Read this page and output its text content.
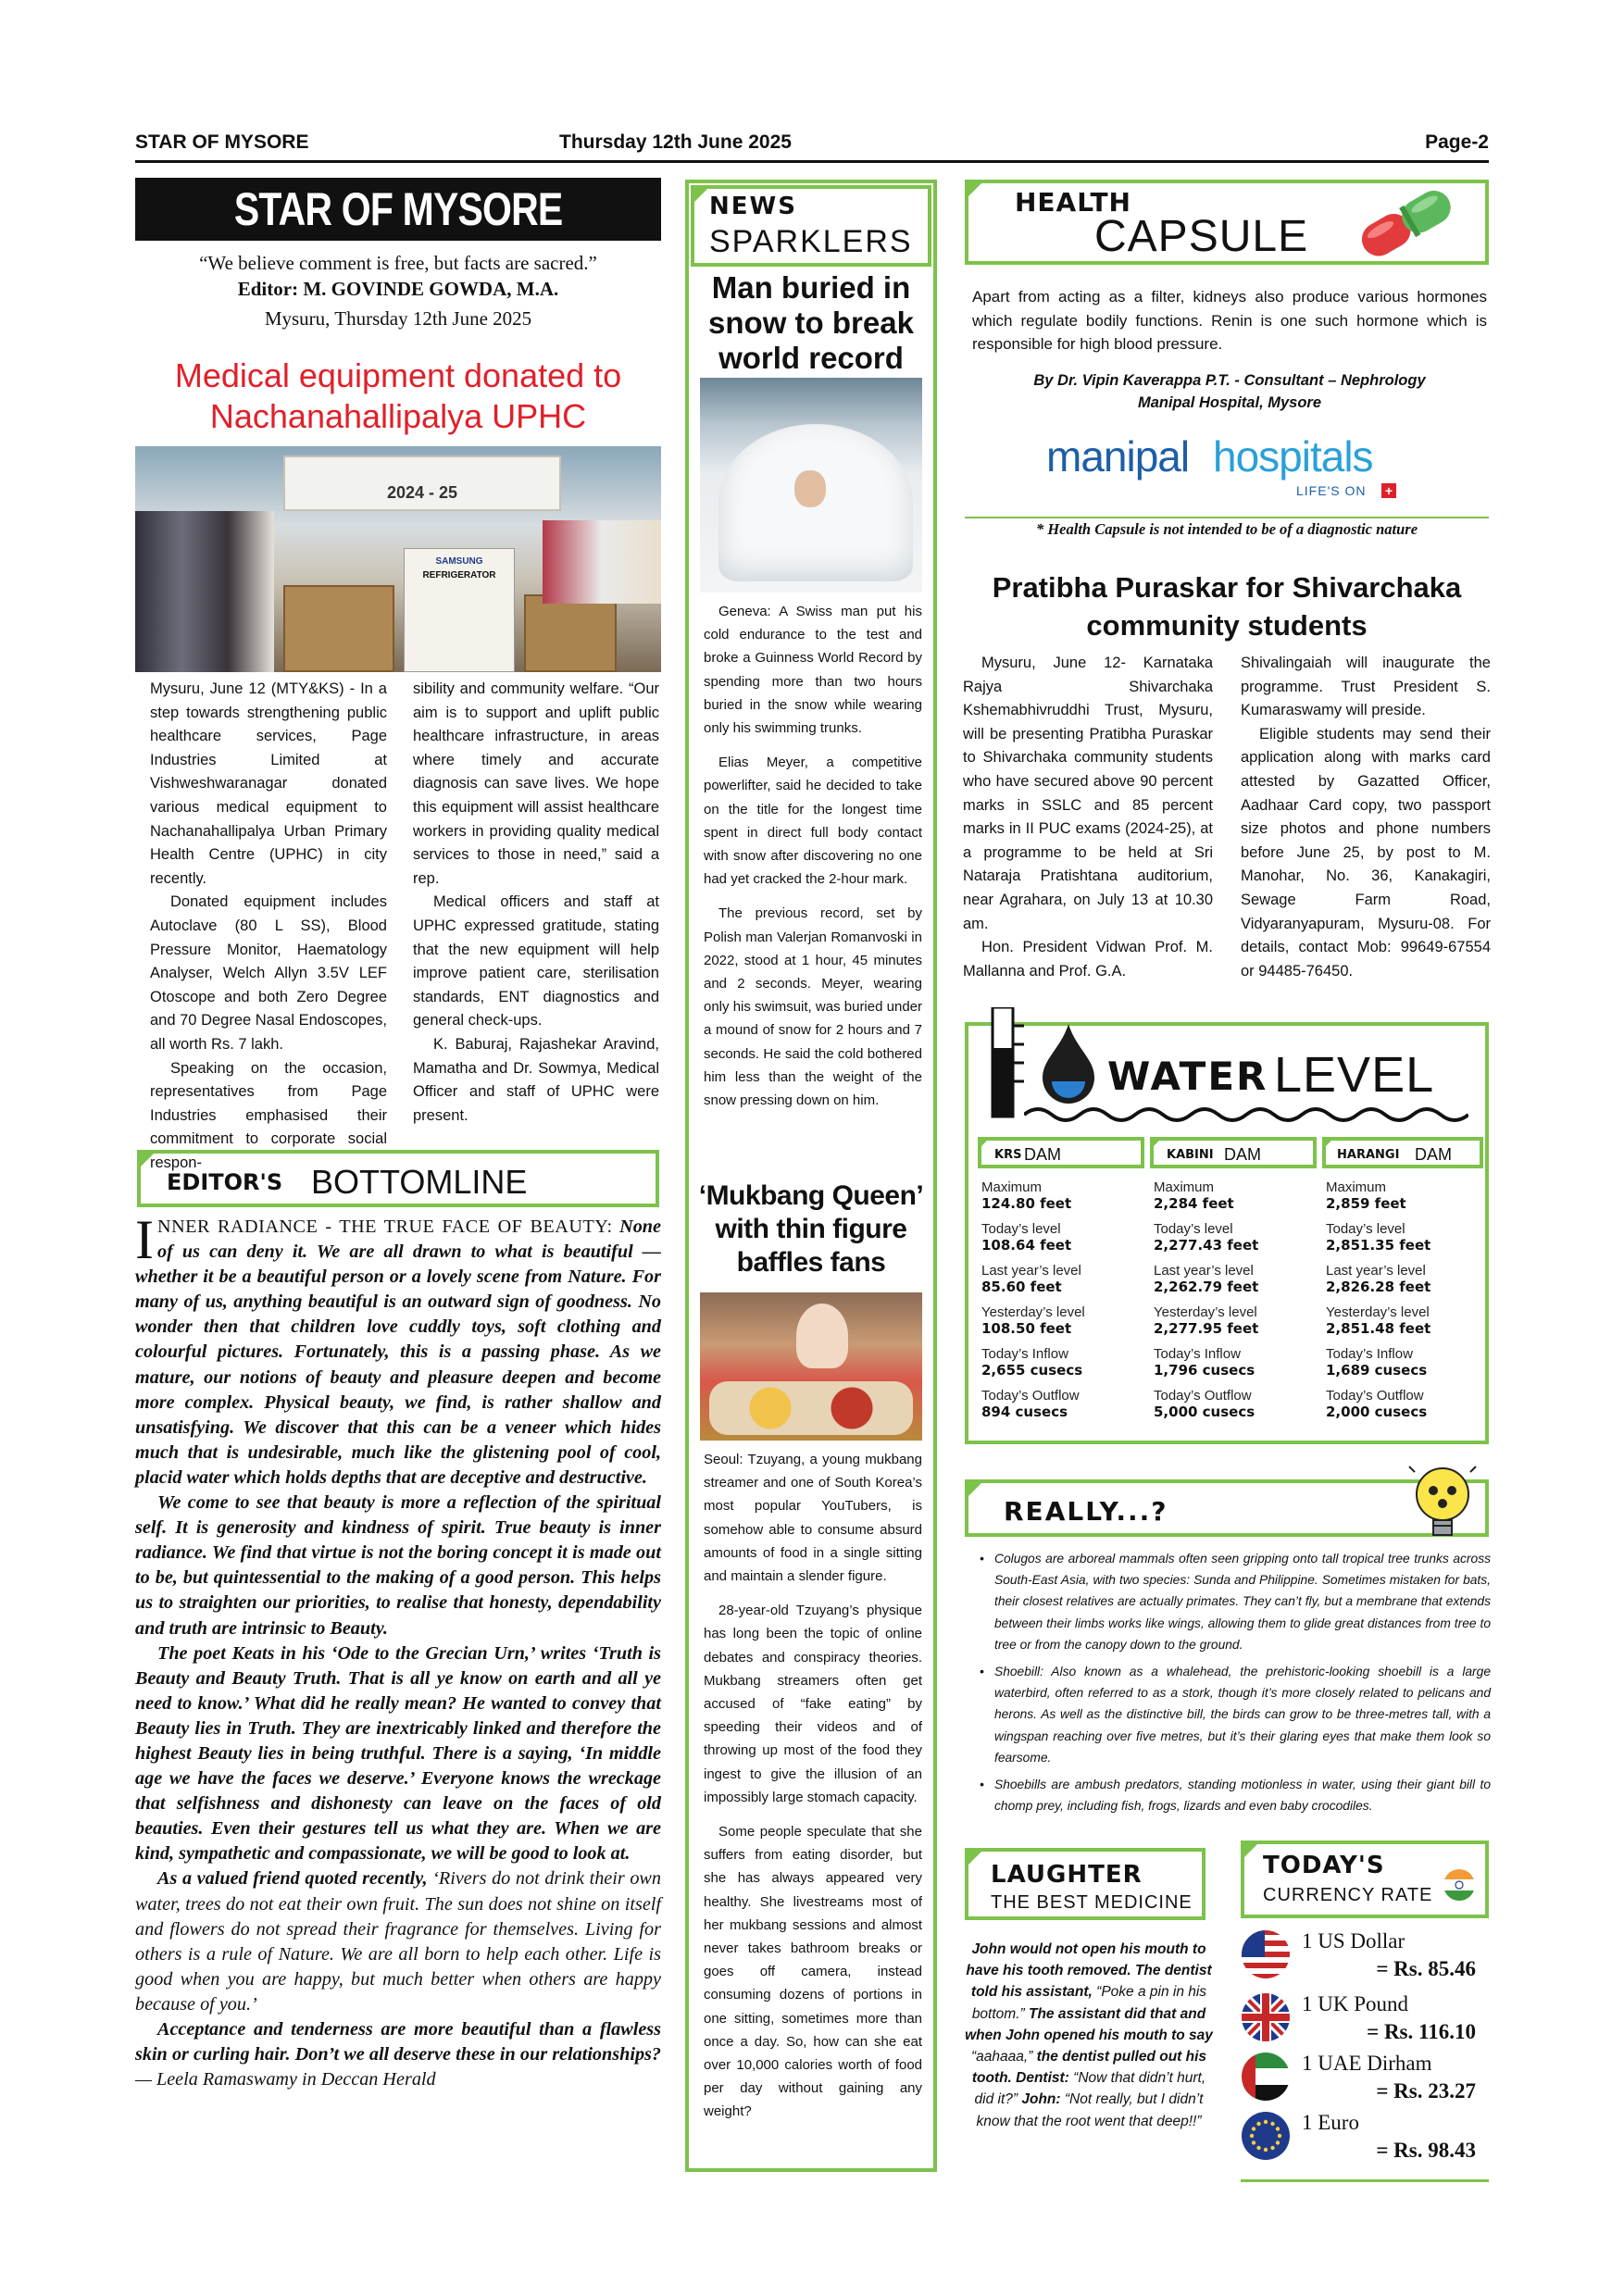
STAR OF MYSORE	Thursday 12th June 2025	Page-2
STAR OF MYSORE
“We believe comment is free, but facts are sacred.”
Editor: M. GOVINDE GOWDA, M.A.
Mysuru, Thursday 12th June 2025
Medical equipment donated to
Nachanahallipalya UPHC
2024 - 25
SAMSUNG
REFRIGERATOR

Mysuru, June 12 (MTY&KS) - In a step towards strengthening public healthcare services, Page Industries Limited at Vishweshwaranagar donated various medical equipment to Nachanahallipalya Urban Primary Health Centre (UPHC) in city recently.

Donated equipment includes Autoclave (80 L SS), Blood Pressure Monitor, Haematology Analyser, Welch Allyn 3.5V LEF Otoscope and both Zero Degree and 70 Degree Nasal Endoscopes, all worth Rs. 7 lakh.

Speaking on the occasion, representatives from Page Industries emphasised their commitment to corporate social respon-

sibility and community welfare. “Our aim is to support and uplift public healthcare infrastructure, in areas where timely and accurate diagnosis can save lives. We hope this equipment will assist healthcare workers in providing quality medical services to those in need,” said a rep.

Medical officers and staff at UPHC expressed gratitude, stating that the new equipment will help improve patient care, sterilisation standards, ENT diagnostics and general check-ups.

K. Baburaj, Rajashekar Aravind, Mamatha and Dr. Sowmya, Medical Officer and staff of UPHC were present.

EDITOR'S BOTTOMLINE

INNER RADIANCE - THE TRUE FACE OF BEAUTY: None of us can deny it. We are all drawn to what is beautiful — whether it be a beautiful person or a lovely scene from Nature. For many of us, anything beautiful is an outward sign of goodness. No wonder then that children love cuddly toys, soft clothing and colourful pictures. Fortunately, this is a passing phase. As we mature, our notions of beauty and pleasure deepen and become more complex. Physical beauty, we find, is rather shallow and unsatisfying. We discover that this can be a veneer which hides much that is undesirable, much like the glistening pool of cool, placid water which holds depths that are deceptive and destructive.

We come to see that beauty is more a reflection of the spiritual self. It is generosity and kindness of spirit. True beauty is inner radiance. We find that virtue is not the boring concept it is made out to be, but quintessential to the making of a good person. This helps us to straighten our priorities, to realise that honesty, dependability and truth are intrinsic to Beauty.

The poet Keats in his ‘Ode to the Grecian Urn,’ writes ‘Truth is Beauty and Beauty Truth. That is all ye know on earth and all ye need to know.’ What did he really mean? He wanted to convey that Beauty lies in Truth. They are inextricably linked and therefore the highest Beauty lies in being truthful. There is a saying, ‘In middle age we have the faces we deserve.’ Everyone knows the wreckage that selfishness and dishonesty can leave on the faces of old beauties. Even their gestures tell us what they are. When we are kind, sympathetic and compassionate, we will be good to look at.

As a valued friend quoted recently, ‘Rivers do not drink their own water, trees do not eat their own fruit. The sun does not shine on itself and flowers do not spread their fragrance for themselves. Living for others is a rule of Nature. We are all born to help each other. Life is good when you are happy, but much better when others are happy because of you.’

Acceptance and tenderness are more beautiful than a flawless skin or curling hair. Don’t we all deserve these in our relationships? — Leela Ramaswamy in Deccan Herald

NEWS
SPARKLERS
Man buried in snow to break world record

Geneva: A Swiss man put his cold endurance to the test and broke a Guinness World Record by spending more than two hours buried in the snow while wearing only his swimming trunks.

Elias Meyer, a competitive powerlifter, said he decided to take on the title for the longest time spent in direct full body contact with snow after discovering no one had yet cracked the 2-hour mark.

The previous record, set by Polish man Valerjan Romanvoski in 2022, stood at 1 hour, 45 minutes and 2 seconds. Meyer, wearing only his swimsuit, was buried under a mound of snow for 2 hours and 7 seconds. He said the cold bothered him less than the weight of the snow pressing down on him.

‘Mukbang Queen’ with thin figure baffles fans

Seoul: Tzuyang, a young mukbang streamer and one of South Korea’s most popular YouTubers, is somehow able to consume absurd amounts of food in a single sitting and maintain a slender figure.

28-year-old Tzuyang’s physique has long been the topic of online debates and conspiracy theories. Mukbang streamers often get accused of “fake eating” by speeding their videos and of throwing up most of the food they ingest to give the illusion of an impossibly large stomach capacity.

Some people speculate that she suffers from eating disorder, but she has always appeared very healthy. She livestreams most of her mukbang sessions and almost never takes bathroom breaks or goes off camera, instead consuming dozens of portions in one sitting, sometimes more than once a day. So, how can she eat over 10,000 calories worth of food per day without gaining any weight?

HEALTH
CAPSULE
Apart from acting as a filter, kidneys also produce various hormones which regulate bodily functions. Renin is one such hormone which is responsible for high blood pressure.
By Dr. Vipin Kaverappa P.T. - Consultant – Nephrology
Manipal Hospital, Mysore
manipal hospitals
LIFE'S ON +
* Health Capsule is not intended to be of a diagnostic nature
Pratibha Puraskar for Shivarchaka
community students

Mysuru, June 12- Karnataka Rajya Shivarchaka Kshemabhivruddhi Trust, Mysuru, will be presenting Pratibha Puraskar to Shivarchaka community students who have secured above 90 percent marks in SSLC and 85 percent marks in II PUC exams (2024-25), at a programme to be held at Sri Nataraja Pratishtana auditorium, near Agrahara, on July 13 at 10.30 am.

Hon. President Vidwan Prof. M. Mallanna and Prof. G.A.

Shivalingaiah will inaugurate the programme. Trust President S. Kumaraswamy will preside.

Eligible students may send their application along with marks card attested by Gazatted Officer, Aadhaar Card copy, two passport size photos and phone numbers before June 25, by post to M. Manohar, No. 36, Kanakagiri, Sewage Farm Road, Vidyaranyapuram, Mysuru-08. For details, contact Mob: 99649-67554 or 94485-76450.

WATER LEVEL
KRS DAM
Maximum
124.80 feet
Today’s level
108.64 feet
Last year’s level
85.60 feet
Yesterday’s level
108.50 feet
Today’s Inflow
2,655 cusecs
Today’s Outflow
894 cusecs
KABINI DAM
Maximum
2,284 feet
Today’s level
2,277.43 feet
Last year’s level
2,262.79 feet
Yesterday’s level
2,277.95 feet
Today’s Inflow
1,796 cusecs
Today’s Outflow
5,000 cusecs
HARANGI DAM
Maximum
2,859 feet
Today’s level
2,851.35 feet
Last year’s level
2,826.28 feet
Yesterday’s level
2,851.48 feet
Today’s Inflow
1,689 cusecs
Today’s Outflow
2,000 cusecs
REALLY...?
• Colugos are arboreal mammals often seen gripping onto tall tropical tree trunks across South-East Asia, with two species: Sunda and Philippine. Sometimes mistaken for bats, their closest relatives are actually primates. They can’t fly, but a membrane that extends between their limbs works like wings, allowing them to glide great distances from tree to tree or from the canopy down to the ground.
• Shoebill: Also known as a whalehead, the prehistoric-looking shoebill is a large waterbird, often referred to as a stork, though it’s more closely related to pelicans and herons. As well as the distinctive bill, the birds can grow to be three-metres tall, with a wingspan reaching over five metres, but it’s their glaring eyes that make them look so fearsome.
• Shoebills are ambush predators, standing motionless in water, using their giant bill to chomp prey, including fish, frogs, lizards and even baby crocodiles.
LAUGHTER
THE BEST MEDICINE
John would not open his mouth to have his tooth removed. The dentist told his assistant, “Poke a pin in his bottom.” The assistant did that and when John opened his mouth to say “aahaaa,” the dentist pulled out his tooth. Dentist: “Now that didn’t hurt, did it?” John: “Not really, but I didn’t know that the root went that deep!!”
TODAY'S
CURRENCY RATE
1 US Dollar
= Rs. 85.46
1 UK Pound
= Rs. 116.10
1 UAE Dirham
= Rs. 23.27
1 Euro
= Rs. 98.43
